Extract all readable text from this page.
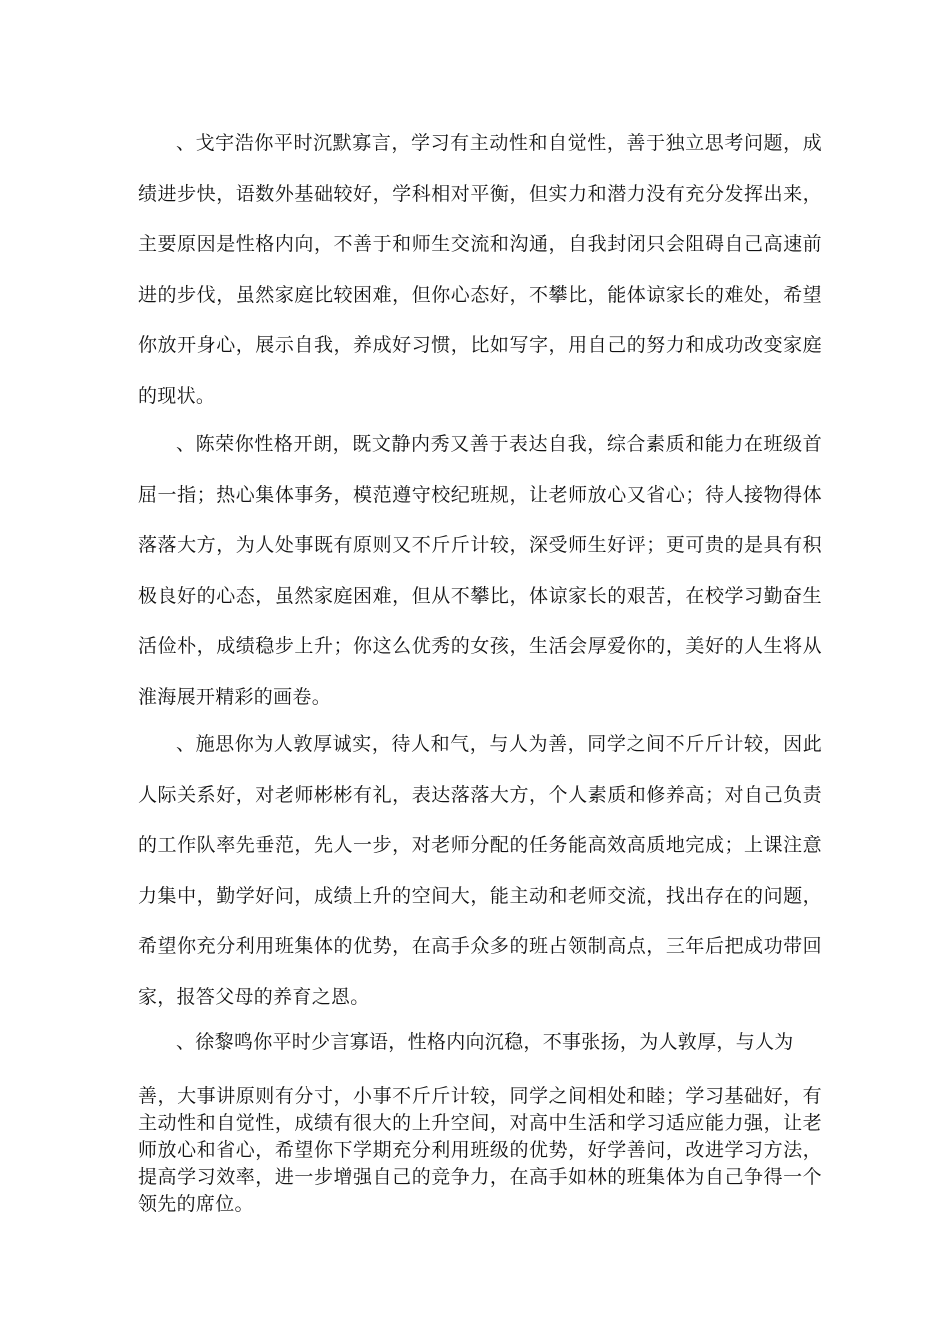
、戈宇浩你平时沉默寡言，学习有主动性和自觉性，善于独立思考问题，成绩进步快，语数外基础较好，学科相对平衡，但实力和潜力没有充分发挥出来，主要原因是性格内向，不善于和师生交流和沟通，自我封闭只会阻碍自己高速前进的步伐，虽然家庭比较困难，但你心态好，不攀比，能体谅家长的难处，希望你放开身心，展示自我，养成好习惯，比如写字，用自己的努力和成功改变家庭的现状。

、陈荣你性格开朗，既文静内秀又善于表达自我，综合素质和能力在班级首屈一指；热心集体事务，模范遵守校纪班规，让老师放心又省心；待人接物得体落落大方，为人处事既有原则又不斤斤计较，深受师生好评；更可贵的是具有积极良好的心态，虽然家庭困难，但从不攀比，体谅家长的艰苦，在校学习勤奋生活俭朴，成绩稳步上升；你这么优秀的女孩，生活会厚爱你的，美好的人生将从淮海展开精彩的画卷。

、施思你为人敦厚诚实，待人和气，与人为善，同学之间不斤斤计较，因此人际关系好，对老师彬彬有礼，表达落落大方，个人素质和修养高；对自己负责的工作队率先垂范，先人一步，对老师分配的任务能高效高质地完成；上课注意力集中，勤学好问，成绩上升的空间大，能主动和老师交流，找出存在的问题，希望你充分利用班集体的优势，在高手众多的班占领制高点，三年后把成功带回家，报答父母的养育之恩。

、徐黎鸣你平时少言寡语，性格内向沉稳，不事张扬，为人敦厚，与人为

善，大事讲原则有分寸，小事不斤斤计较，同学之间相处和睦；学习基础好，有主动性和自觉性，成绩有很大的上升空间，对高中生活和学习适应能力强，让老师放心和省心，希望你下学期充分利用班级的优势，好学善问，改进学习方法，提高学习效率，进一步增强自己的竞争力，在高手如林的班集体为自己争得一个领先的席位。
